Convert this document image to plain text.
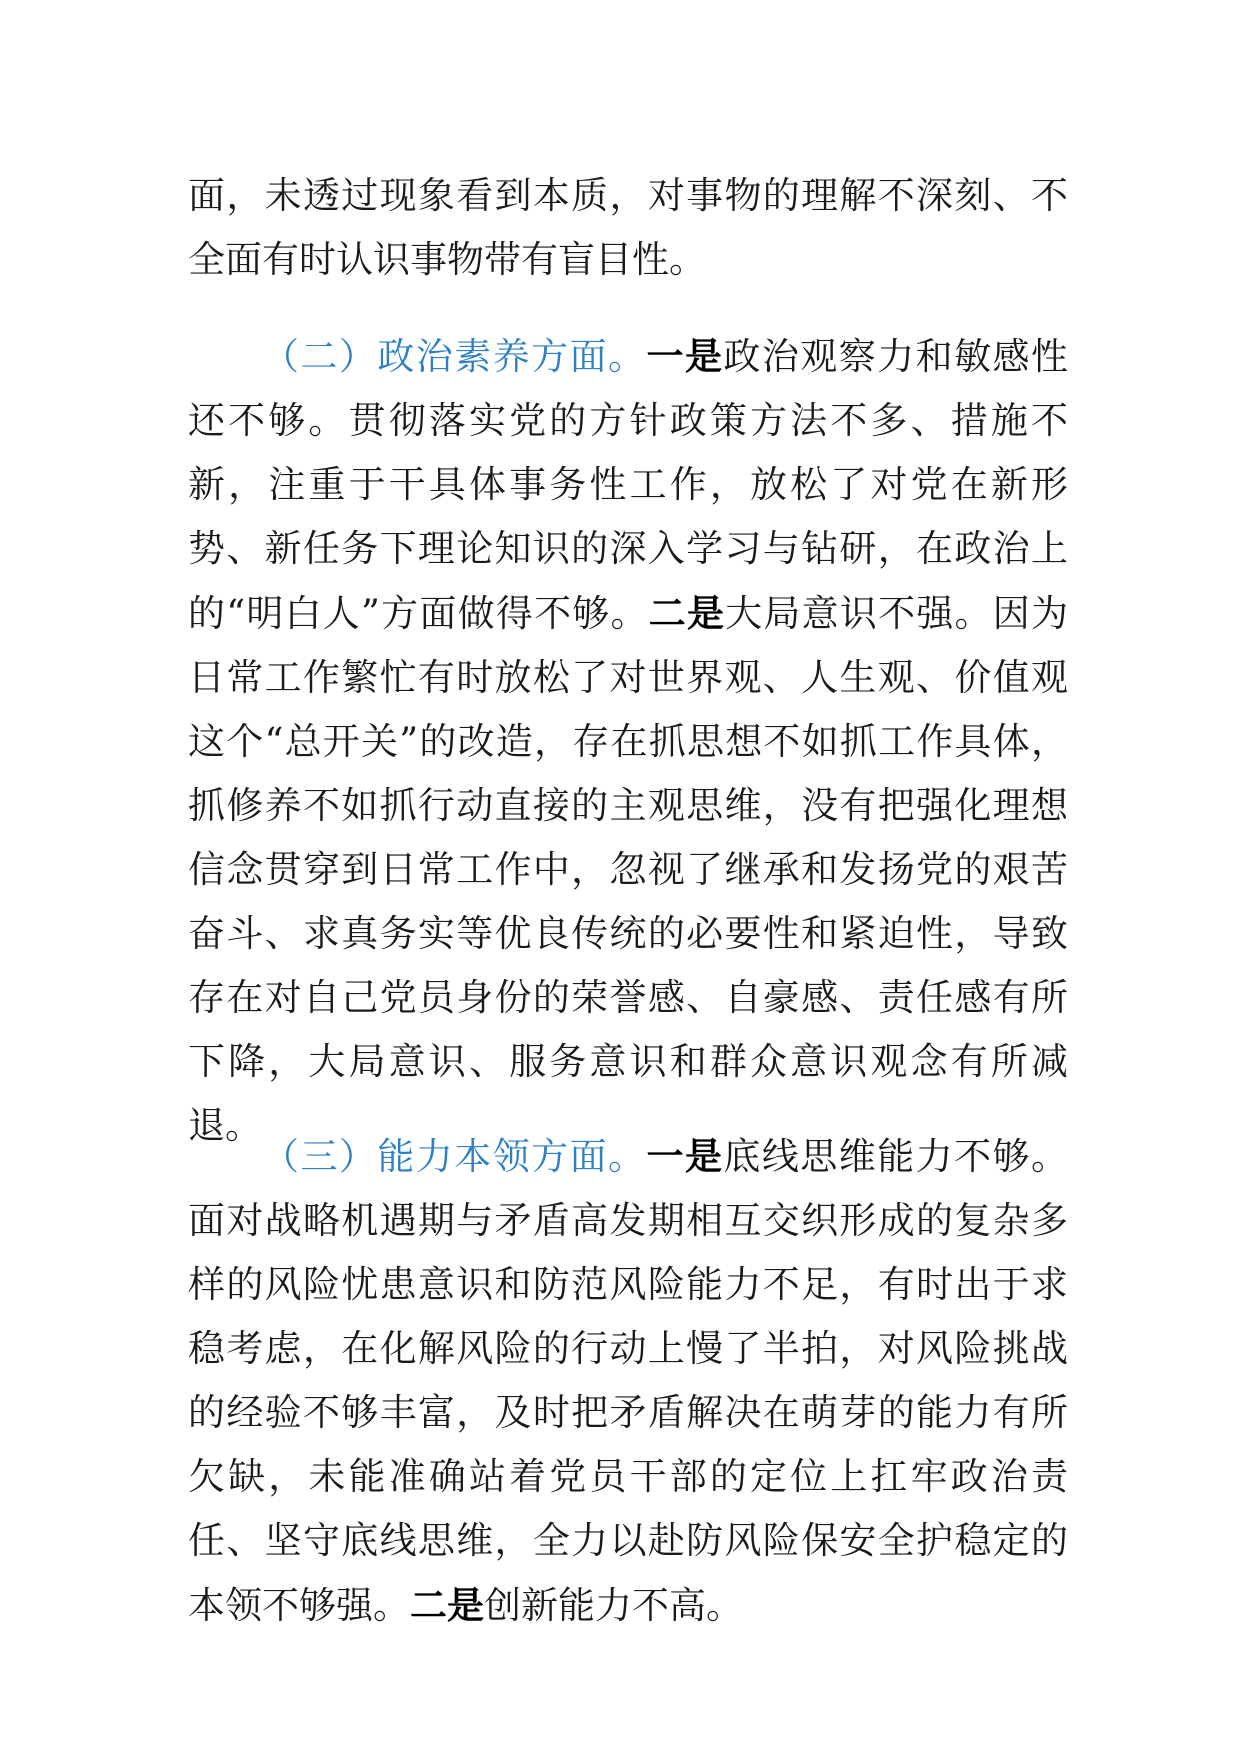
面，未透过现象看到本质，对事物的理解不深刻、不全面有时认识事物带有盲目性。

（二）政治素养方面。一是政治观察力和敏感性还不够。贯彻落实党的方针政策方法不多、措施不新，注重于干具体事务性工作，放松了对党在新形势、新任务下理论知识的深入学习与钻研，在政治上的“明白人”方面做得不够。二是大局意识不强。因为日常工作繁忙有时放松了对世界观、人生观、价值观这个“总开关”的改造，存在抓思想不如抓工作具体，抓修养不如抓行动直接的主观思维，没有把强化理想信念贯穿到日常工作中，忽视了继承和发扬党的艰苦奋斗、求真务实等优良传统的必要性和紧迫性，导致存在对自己党员身份的荣誉感、自豪感、责任感有所下降，大局意识、服务意识和群众意识观念有所减退。

（三）能力本领方面。一是底线思维能力不够。面对战略机遇期与矛盾高发期相互交织形成的复杂多样的风险忧患意识和防范风险能力不足，有时出于求稳考虑，在化解风险的行动上慢了半拍，对风险挑战的经验不够丰富，及时把矛盾解决在萌芽的能力有所欠缺，未能准确站着党员干部的定位上扛牢政治责任、坚守底线思维，全力以赴防风险保安全护稳定的本领不够强。二是创新能力不高。
